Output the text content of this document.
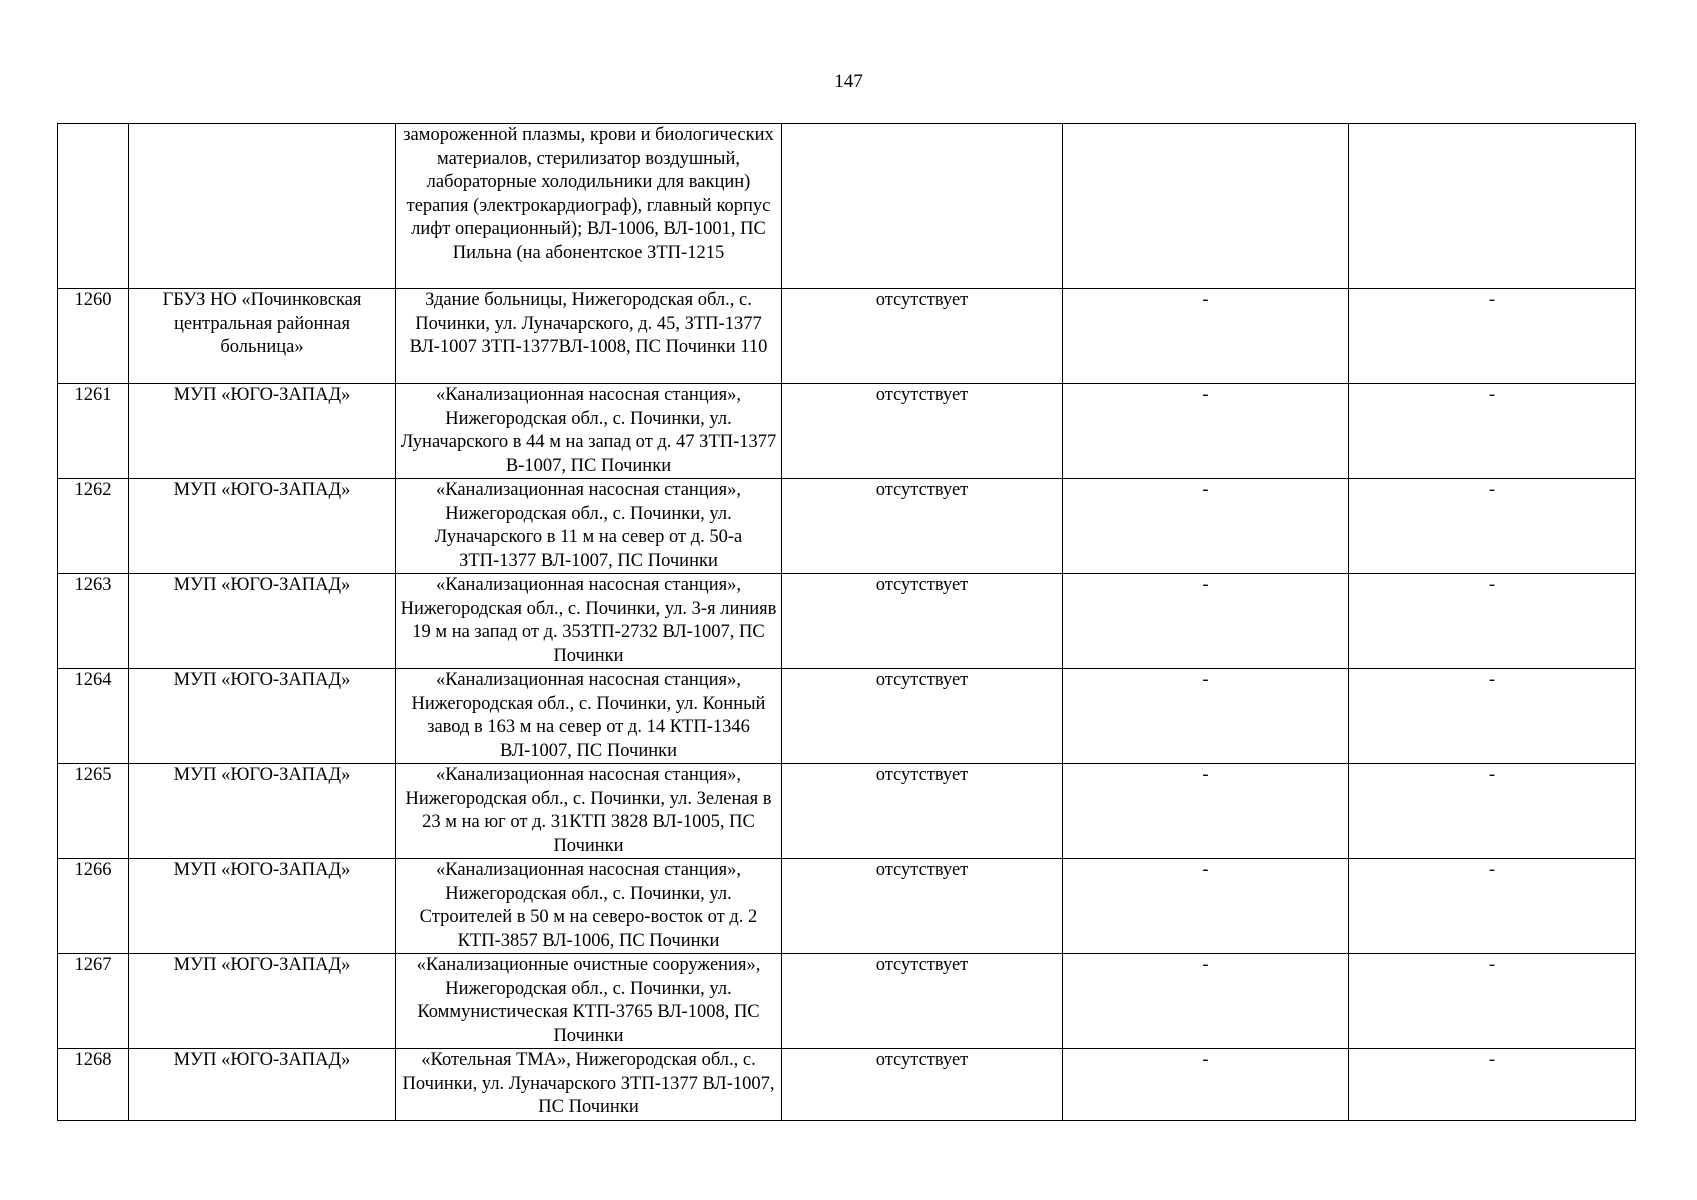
147
		замороженной плазмы, крови и биологических материалов, стерилизатор воздушный, лабораторные холодильники для вакцин) терапия (электрокардиограф), главный корпус лифт операционный); ВЛ-1006, ВЛ-1001, ПС Пильна (на абонентское ЗТП-1215			
1260	ГБУЗ НО «Починковская центральная районная больница»	Здание больницы, Нижегородская обл., с. Починки, ул. Луначарского, д. 45, ЗТП-1377 ВЛ-1007 ЗТП-1377ВЛ-1008, ПС Починки 110	отсутствует	-	-
1261	МУП «ЮГО-ЗАПАД»	«Канализационная насосная станция», Нижегородская обл., с. Починки, ул. Луначарского в 44 м на запад от д. 47 ЗТП-1377 В-1007, ПС Починки	отсутствует	-	-
1262	МУП «ЮГО-ЗАПАД»	«Канализационная насосная станция», Нижегородская обл., с. Починки, ул. Луначарского в 11 м на север от д. 50-а ЗТП-1377 ВЛ-1007, ПС Починки	отсутствует	-	-
1263	МУП «ЮГО-ЗАПАД»	«Канализационная насосная станция», Нижегородская обл., с. Починки, ул. 3-я линияв 19 м на запад от д. 35ЗТП-2732 ВЛ-1007, ПС Починки	отсутствует	-	-
1264	МУП «ЮГО-ЗАПАД»	«Канализационная насосная станция», Нижегородская обл., с. Починки, ул. Конный завод в 163 м на север от д. 14 КТП-1346 ВЛ-1007, ПС Починки	отсутствует	-	-
1265	МУП «ЮГО-ЗАПАД»	«Канализационная насосная станция», Нижегородская обл., с. Починки, ул. Зеленая в 23 м на юг от д. 31КТП 3828 ВЛ-1005, ПС Починки	отсутствует	-	-
1266	МУП «ЮГО-ЗАПАД»	«Канализационная насосная станция», Нижегородская обл., с. Починки, ул. Строителей в 50 м на северо-восток от д. 2 КТП-3857 ВЛ-1006, ПС Починки	отсутствует	-	-
1267	МУП «ЮГО-ЗАПАД»	«Канализационные очистные сооружения», Нижегородская обл., с. Починки, ул. Коммунистическая КТП-3765 ВЛ-1008, ПС Починки	отсутствует	-	-
1268	МУП «ЮГО-ЗАПАД»	«Котельная ТМА», Нижегородская обл., с. Починки, ул. Луначарского ЗТП-1377 ВЛ-1007, ПС Починки	отсутствует	-	-
